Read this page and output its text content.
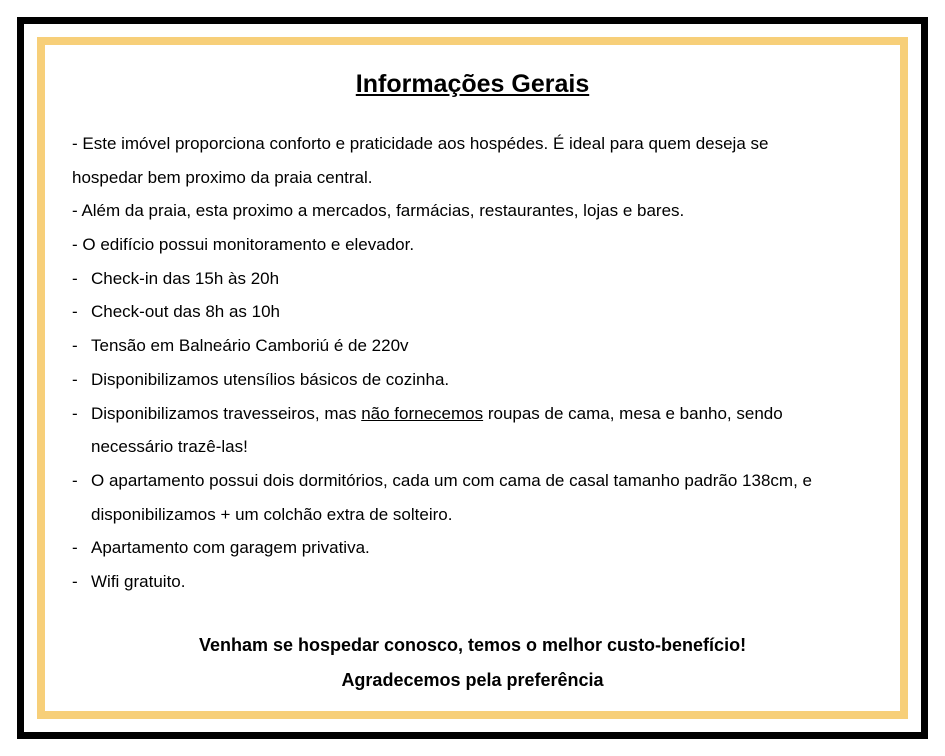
Informações Gerais
- Este imóvel proporciona conforto e praticidade aos hospédes. É ideal para quem deseja se
hospedar bem proximo da praia central.
- Além da praia, esta proximo a mercados, farmácias, restaurantes, lojas e bares.
- O edifício possui monitoramento e elevador.
- Check-in das 15h às 20h
- Check-out das 8h as 10h
- Tensão em Balneário Camboriú é de 220v
- Disponibilizamos utensílios básicos de cozinha.
- Disponibilizamos travesseiros, mas não fornecemos roupas de cama, mesa e banho, sendo
necessário trazê-las!
- O apartamento possui dois dormitórios, cada um com cama de casal tamanho padrão 138cm, e
disponibilizamos + um colchão extra de solteiro.
- Apartamento com garagem privativa.
- Wifi gratuito.
Venham se hospedar conosco, temos o melhor custo-benefício!
Agradecemos pela preferência
